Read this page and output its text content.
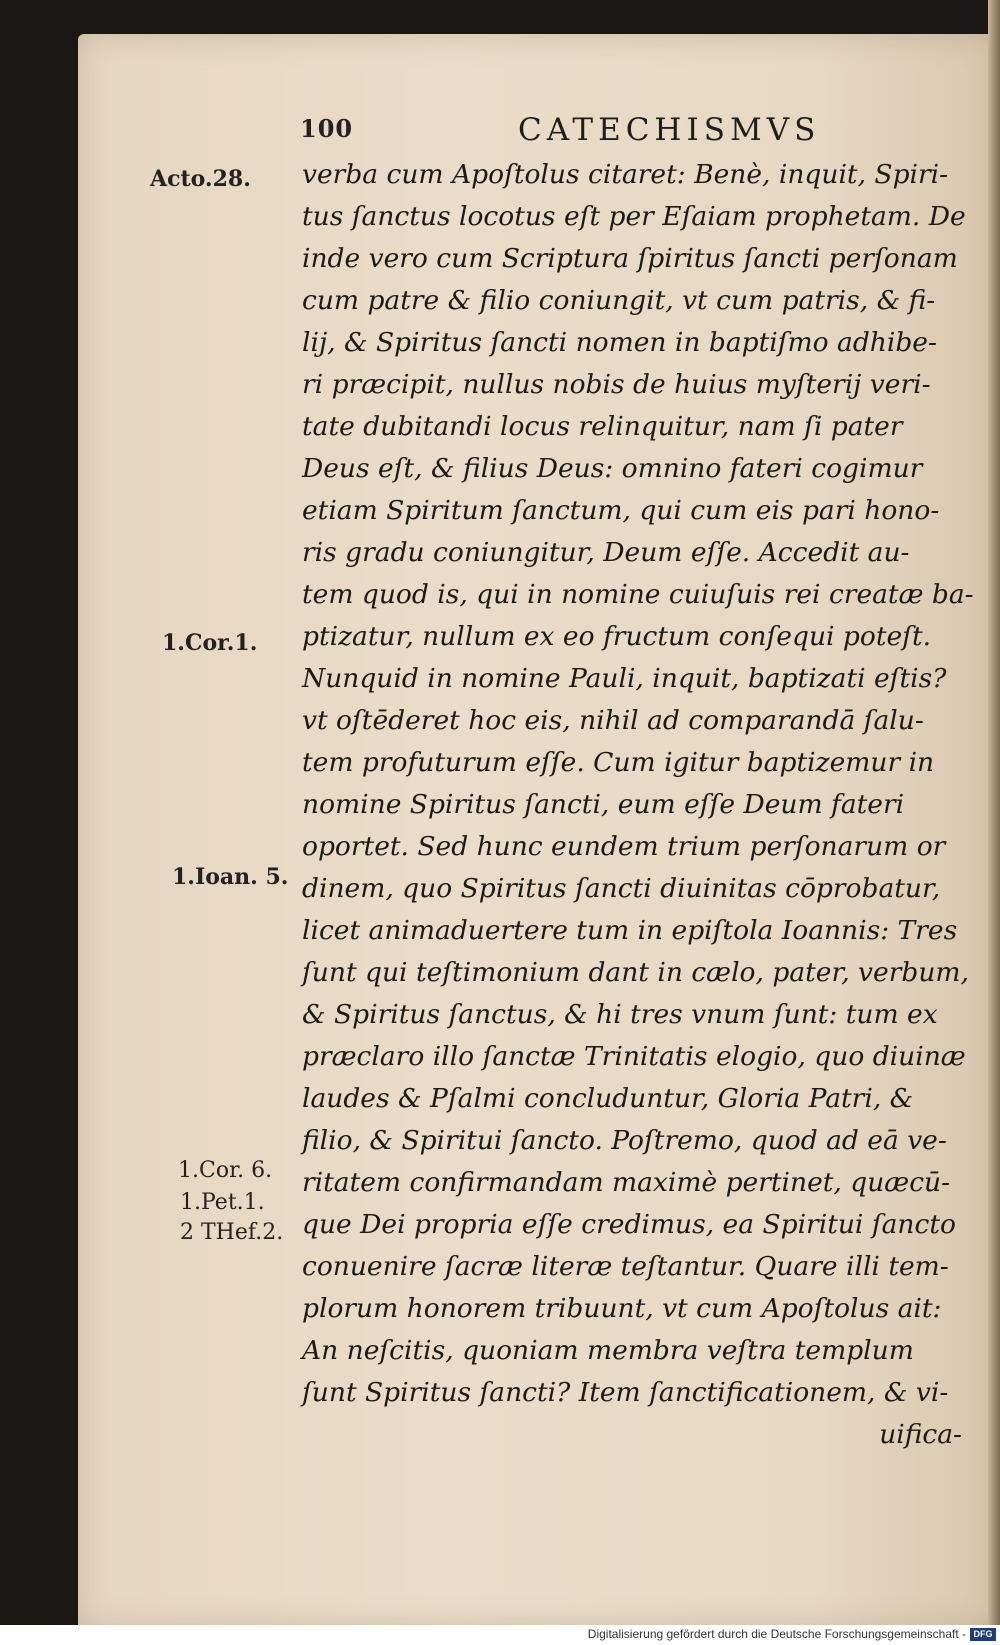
100	CATECHISMVS
Acto.28.
1.Cor.1.
1.Ioan. 5.
1.Cor. 6.
1.Pet.1.
2 THef.2.
verba cum Apoſtolus citaret: Benè, inquit, Spiri-
tus ſanctus locotus eſt per Eſaiam prophetam. De
inde vero cum Scriptura ſpiritus ſancti perſonam
cum patre & filio coniungit, vt cum patris, & fi-
lij, & Spiritus ſancti nomen in baptiſmo adhibe-
ri præcipit, nullus nobis de huius myſterij veri-
tate dubitandi locus relinquitur, nam ſi pater
Deus eſt, & filius Deus: omnino fateri cogimur
etiam Spiritum ſanctum, qui cum eis pari hono-
ris gradu coniungitur, Deum eſſe. Accedit au-
tem quod is, qui in nomine cuiuſuis rei creatæ ba-
ptizatur, nullum ex eo fructum conſequi poteſt.
Nunquid in nomine Pauli, inquit, baptizati eſtis?
vt oſtēderet hoc eis, nihil ad comparandā ſalu-
tem profuturum eſſe. Cum igitur baptizemur in
nomine Spiritus ſancti, eum eſſe Deum fateri
oportet. Sed hunc eundem trium perſonarum or
dinem, quo Spiritus ſancti diuinitas cōprobatur,
licet animaduertere tum in epiſtola Ioannis: Tres
ſunt qui teſtimonium dant in cælo, pater, verbum,
& Spiritus ſanctus, & hi tres vnum ſunt: tum ex
præclaro illo ſanctæ Trinitatis elogio, quo diuinæ
laudes & Pſalmi concluduntur, Gloria Patri, &
filio, & Spiritui ſancto. Poſtremo, quod ad eā ve-
ritatem confirmandam maximè pertinet, quæcū-
que Dei propria eſſe credimus, ea Spiritui ſancto
conuenire ſacræ literæ teſtantur. Quare illi tem-
plorum honorem tribuunt, vt cum Apoſtolus ait:
An neſcitis, quoniam membra veſtra templum
ſunt Spiritus ſancti? Item ſanctificationem, & vi-
uifica-
Digitalisierung gefördert durch die Deutsche Forschungsgemeinschaft - DFG
